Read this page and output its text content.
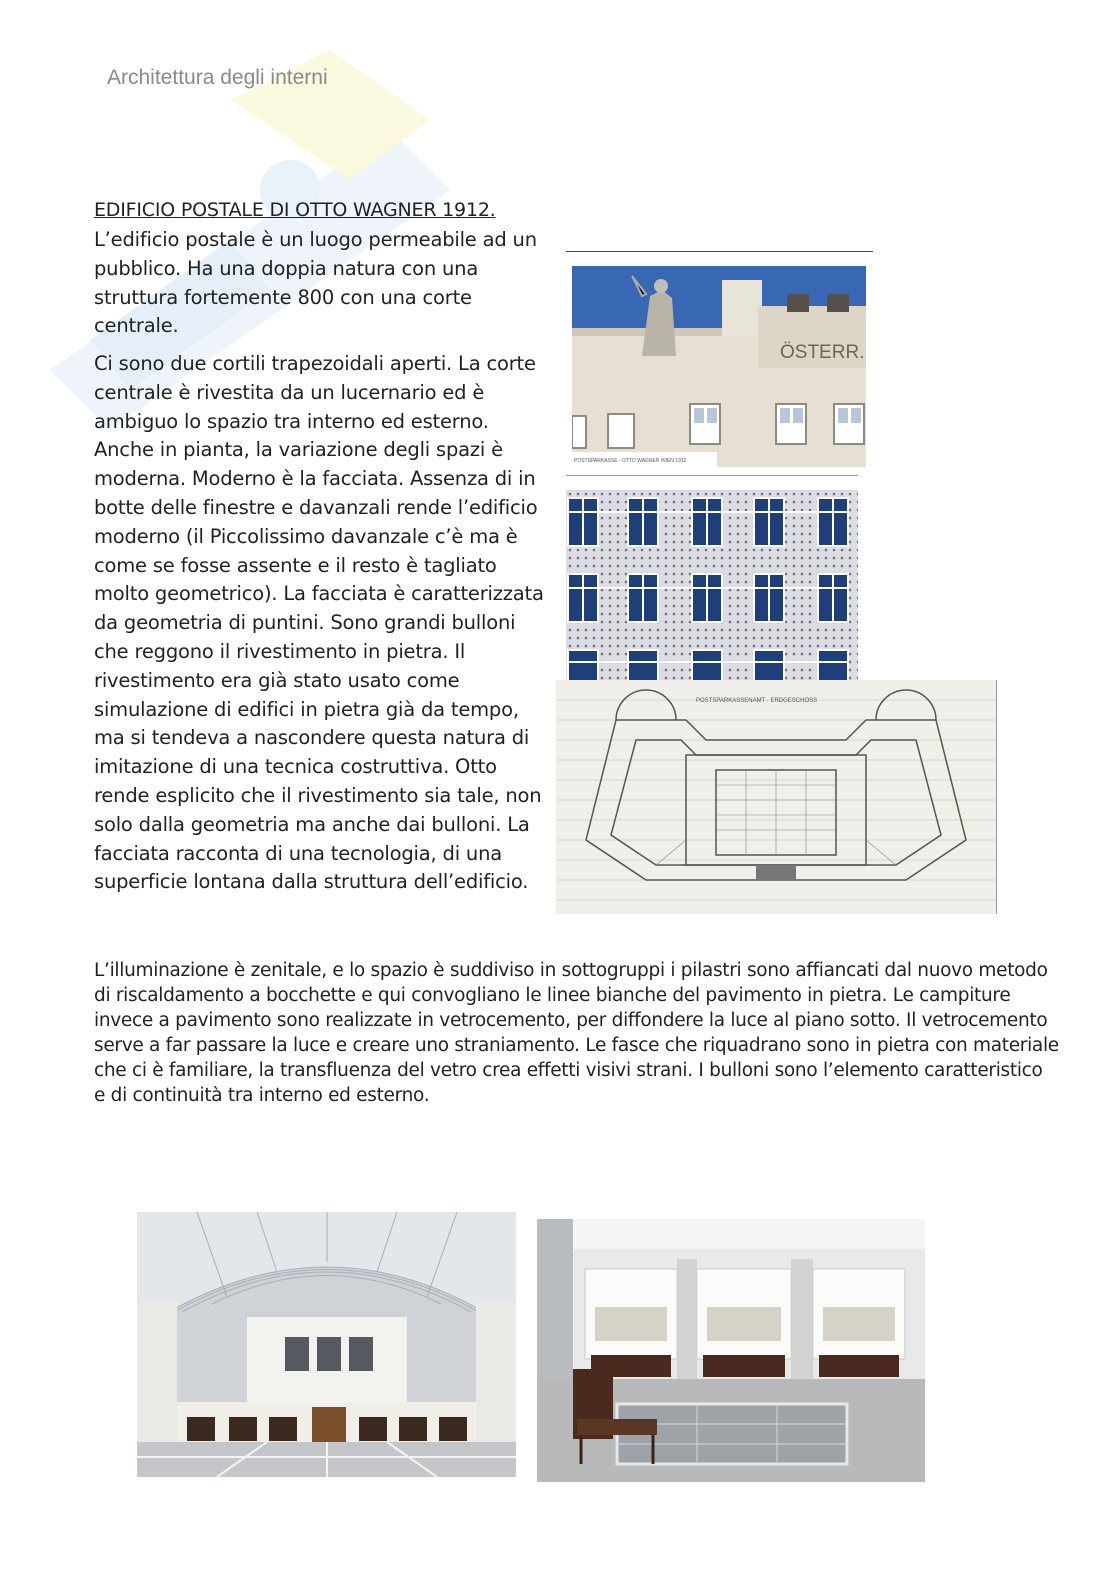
Architettura degli interni
EDIFICIO POSTALE DI OTTO WAGNER 1912.

L’edificio postale è un luogo permeabile ad un pubblico. Ha una doppia natura con una struttura fortemente 800 con una corte centrale.

Ci sono due cortili trapezoidali aperti. La corte centrale è rivestita da un lucernario ed è ambiguo lo spazio tra interno ed esterno. Anche in pianta, la variazione degli spazi è moderna. Moderno è la facciata. Assenza di in botte delle finestre e davanzali rende l’edificio moderno (il Piccolissimo davanzale c’è ma è come se fosse assente e il resto è tagliato molto geometrico). La facciata è caratterizzata da geometria di puntini. Sono grandi bulloni che reggono il rivestimento in pietra. Il rivestimento era già stato usato come simulazione di edifici in pietra già da tempo, ma si tendeva a nascondere questa natura di imitazione di una tecnica costruttiva. Otto rende esplicito che il rivestimento sia tale, non solo dalla geometria ma anche dai bulloni. La facciata racconta di una tecnologia, di una superficie lontana dalla struttura dell’edificio.

L’illuminazione è zenitale, e lo spazio è suddiviso in sottogruppi i pilastri sono affiancati dal nuovo metodo di riscaldamento a bocchette e qui convogliano le linee bianche del pavimento in pietra. Le campiture invece a pavimento sono realizzate in vetrocemento, per diffondere la luce al piano sotto. Il vetrocemento serve a far passare la luce e creare uno straniamento. Le fasce che riquadrano sono in pietra con materiale che ci è familiare, la transfluenza del vetro crea effetti visivi strani. I bulloni sono l’elemento caratteristico e di continuità tra interno ed esterno.

ÖSTERR.
POSTSPARKASSE · OTTO WAGNER WIEN 1912
POSTSPARKASSENAMT · ERDGESCHOSS
